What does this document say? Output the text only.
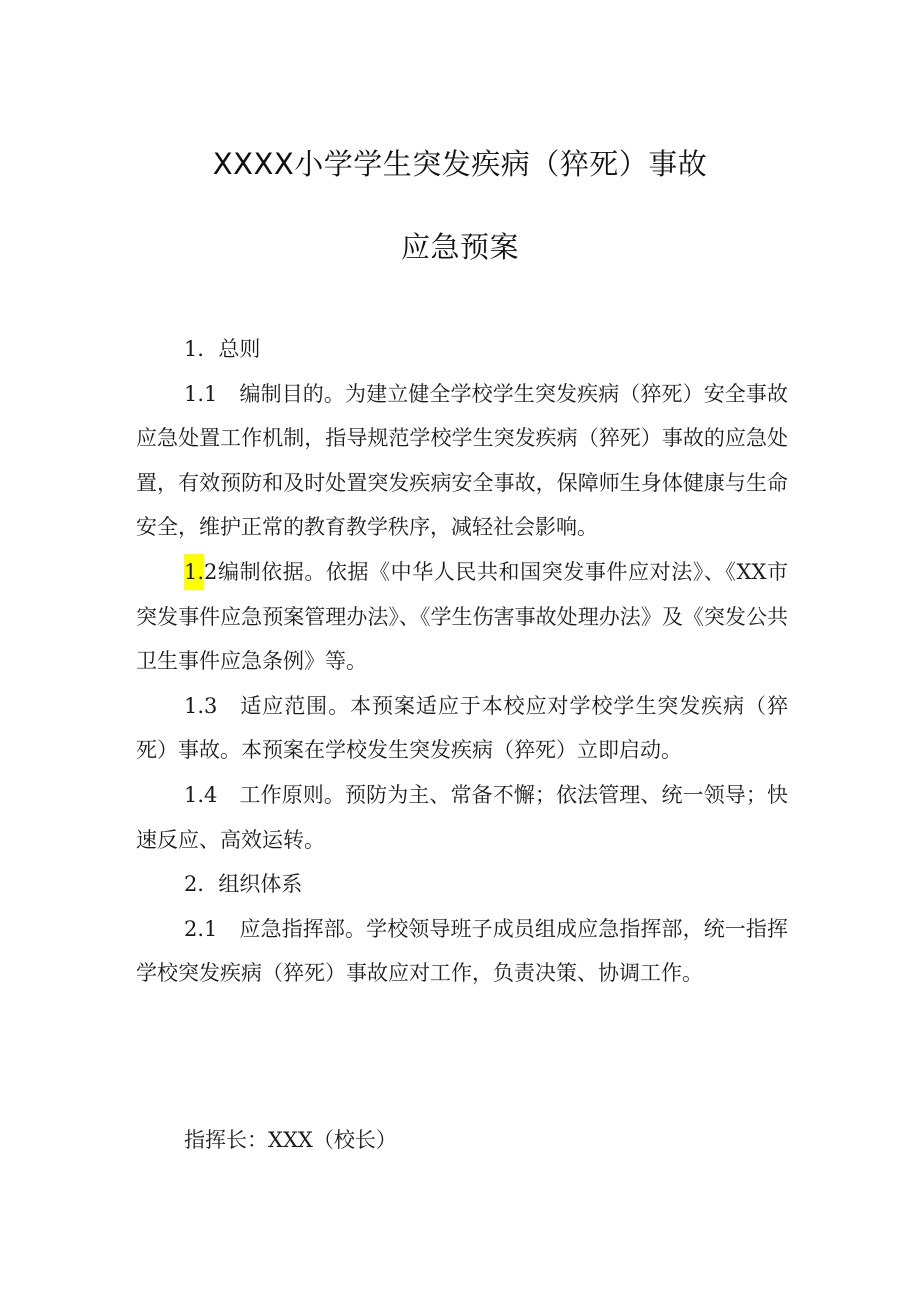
XXXX小学学生突发疾病（猝死）事故
应急预案

1．总则

1.1 编制目的。为建立健全学校学生突发疾病（猝死）安全事故应急处置工作机制，指导规范学校学生突发疾病（猝死）事故的应急处置，有效预防和及时处置突发疾病安全事故，保障师生身体健康与生命安全，维护正常的教育教学秩序，减轻社会影响。

1.2编制依据。依据《中华人民共和国突发事件应对法》、《XX市突发事件应急预案管理办法》、《学生伤害事故处理办法》及《突发公共卫生事件应急条例》等。

1.3 适应范围。本预案适应于本校应对学校学生突发疾病（猝死）事故。本预案在学校发生突发疾病（猝死）立即启动。

1.4 工作原则。预防为主、常备不懈；依法管理、统一领导；快速反应、高效运转。

2．组织体系

2.1 应急指挥部。学校领导班子成员组成应急指挥部，统一指挥学校突发疾病（猝死）事故应对工作，负责决策、协调工作。

指挥长：XXX（校长）
